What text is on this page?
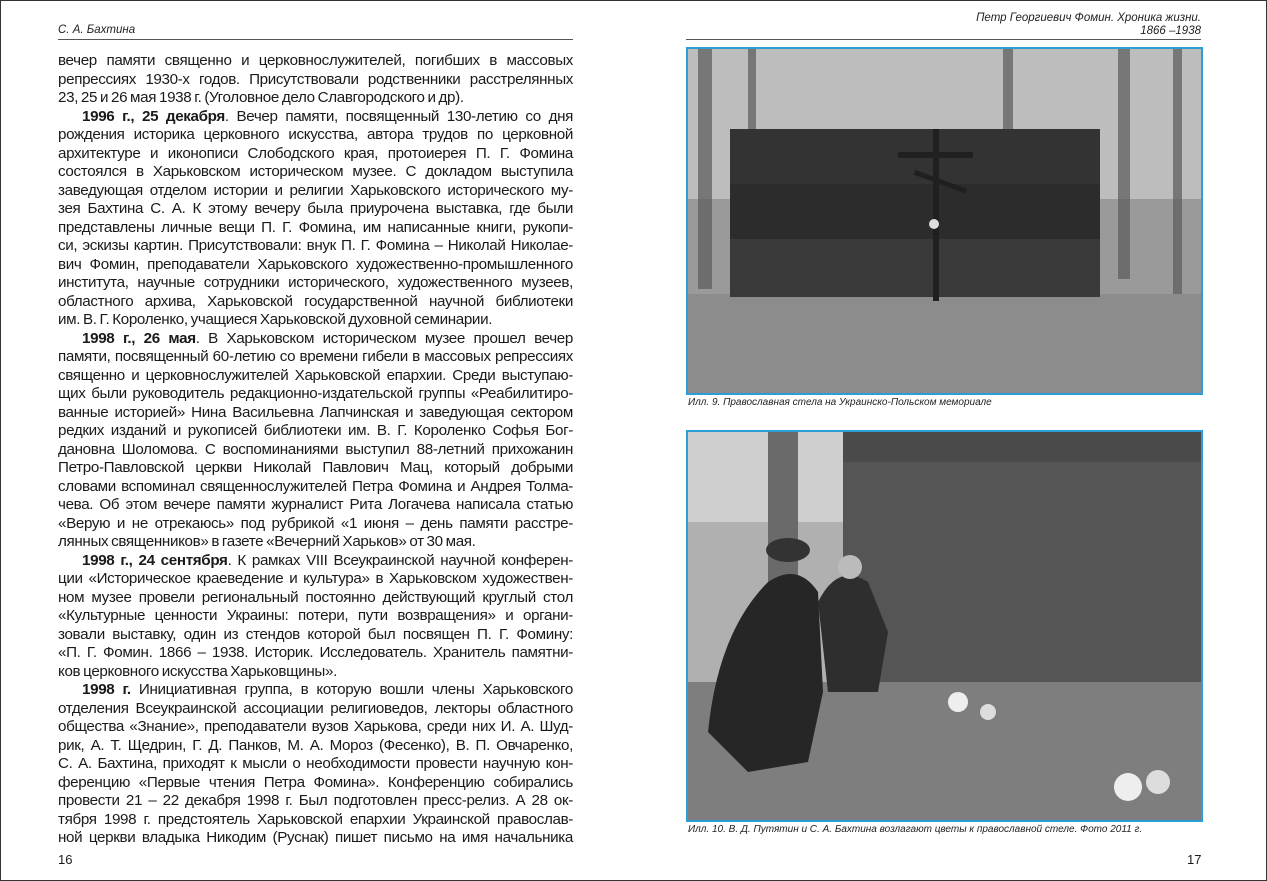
С. А. Бахтина
вечер памяти священно и церковнослужителей, погибших в массовых
репрессиях 1930-х годов. Присутствовали родственники расстрелянных
23, 25 и 26 мая 1938 г. (Уголовное дело Славгородского и др).
1996 г., 25 декабря. Вечер памяти, посвященный 130-летию со дня
рождения историка церковного искусства, автора трудов по церковной
архитектуре и иконописи Слободского края, протоиерея П. Г. Фомина
состоялся в Харьковском историческом музее. С докладом выступила
заведующая отделом истории и религии Харьковского исторического му-
зея Бахтина С. А. К этому вечеру была приурочена выставка, где были
представлены личные вещи П. Г. Фомина, им написанные книги, рукопи-
си, эскизы картин. Присутствовали: внук П. Г. Фомина – Николай Николае-
вич Фомин, преподаватели Харьковского художественно-промышленного
института, научные сотрудники исторического, художественного музеев,
областного архива, Харьковской государственной научной библиотеки
им. В. Г. Короленко, учащиеся Харьковской духовной семинарии.
1998 г., 26 мая. В Харьковском историческом музее прошел вечер
памяти, посвященный 60-летию со времени гибели в массовых репрессиях
священно и церковнослужителей Харьковской епархии. Среди выступаю-
щих были руководитель редакционно-издательской группы «Реабилитиро-
ванные историей» Нина Васильевна Лапчинская и заведующая сектором
редких изданий и рукописей библиотеки им. В. Г. Короленко Софья Бог-
дановна Шоломова. С воспоминаниями выступил 88-летний прихожанин
Петро-Павловской церкви Николай Павлович Мац, который добрыми
словами вспоминал священнослужителей Петра Фомина и Андрея Толма-
чева. Об этом вечере памяти журналист Рита Логачева написала статью
«Верую и не отрекаюсь» под рубрикой «1 июня – день памяти расстре-
лянных священников» в газете «Вечерний Харьков» от 30 мая.
1998 г., 24 сентября. К рамках VIII Всеукраинской научной конферен-
ции «Историческое краеведение и культура» в Харьковском художествен-
ном музее провели региональный постоянно действующий круглый стол
«Культурные ценности Украины: потери, пути возвращения» и органи-
зовали выставку, один из стендов которой был посвящен П. Г. Фомину:
«П. Г. Фомин. 1866 – 1938. Историк. Исследователь. Хранитель памятни-
ков церковного искусства Харьковщины».
1998 г. Инициативная группа, в которую вошли члены Харьковского
отделения Всеукраинской ассоциации религиоведов, лекторы областного
общества «Знание», преподаватели вузов Харькова, среди них И. А. Шуд-
рик, А. Т. Щедрин, Г. Д. Панков, М. А. Мороз (Фесенко), В. П. Овчаренко,
С. А. Бахтина, приходят к мысли о необходимости провести научную кон-
ференцию «Первые чтения Петра Фомина». Конференцию собирались
провести 21 – 22 декабря 1998 г. Был подготовлен пресс-релиз. А 28 ок-
тября 1998 г. предстоятель Харьковской епархии Украинской православ-
ной церкви владыка Никодим (Руснак) пишет письмо на имя начальника
16
Петр Георгиевич Фомин. Хроника жизни.
1866 –1938
Илл. 9. Православная стела на Украинско-Польском мемориале
Илл. 10. В. Д. Путятин и С. А. Бахтина возлагают цветы к православной стеле. Фото 2011 г.
17
